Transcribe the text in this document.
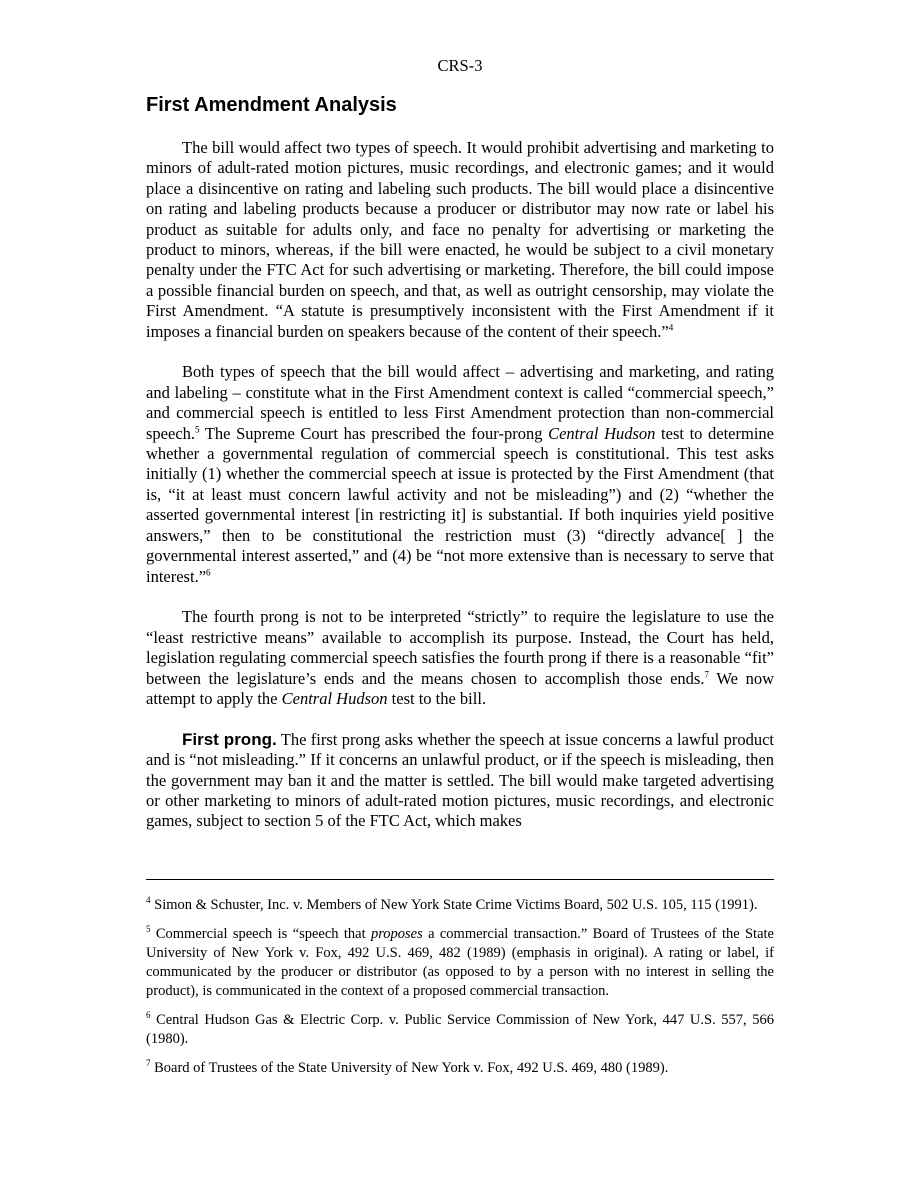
CRS-3
First Amendment Analysis

The bill would affect two types of speech. It would prohibit advertising and marketing to minors of adult-rated motion pictures, music recordings, and electronic games; and it would place a disincentive on rating and labeling such products. The bill would place a disincentive on rating and labeling products because a producer or distributor may now rate or label his product as suitable for adults only, and face no penalty for advertising or marketing the product to minors, whereas, if the bill were enacted, he would be subject to a civil monetary penalty under the FTC Act for such advertising or marketing. Therefore, the bill could impose a possible financial burden on speech, and that, as well as outright censorship, may violate the First Amendment. “A statute is presumptively inconsistent with the First Amendment if it imposes a financial burden on speakers because of the content of their speech.”$^4$

Both types of speech that the bill would affect – advertising and marketing, and rating and labeling – constitute what in the First Amendment context is called “commercial speech,” and commercial speech is entitled to less First Amendment protection than non-commercial speech.$^5$ The Supreme Court has prescribed the four-prong Central Hudson test to determine whether a governmental regulation of commercial speech is constitutional. This test asks initially (1) whether the commercial speech at issue is protected by the First Amendment (that is, “it at least must concern lawful activity and not be misleading”) and (2) “whether the asserted governmental interest [in restricting it] is substantial. If both inquiries yield positive answers,” then to be constitutional the restriction must (3) “directly advance[ ] the governmental interest asserted,” and (4) be “not more extensive than is necessary to serve that interest.”$^6$

The fourth prong is not to be interpreted “strictly” to require the legislature to use the “least restrictive means” available to accomplish its purpose. Instead, the Court has held, legislation regulating commercial speech satisfies the fourth prong if there is a reasonable “fit” between the legislature’s ends and the means chosen to accomplish those ends.$^7$ We now attempt to apply the Central Hudson test to the bill.

First prong. The first prong asks whether the speech at issue concerns a lawful product and is “not misleading.” If it concerns an unlawful product, or if the speech is misleading, then the government may ban it and the matter is settled. The bill would make targeted advertising or other marketing to minors of adult-rated motion pictures, music recordings, and electronic games, subject to section 5 of the FTC Act, which makes

$^4$ Simon & Schuster, Inc. v. Members of New York State Crime Victims Board, 502 U.S. 105, 115 (1991).

$^5$ Commercial speech is “speech that proposes a commercial transaction.” Board of Trustees of the State University of New York v. Fox, 492 U.S. 469, 482 (1989) (emphasis in original). A rating or label, if communicated by the producer or distributor (as opposed to by a person with no interest in selling the product), is communicated in the context of a proposed commercial transaction.

$^6$ Central Hudson Gas & Electric Corp. v. Public Service Commission of New York, 447 U.S. 557, 566 (1980).

$^7$ Board of Trustees of the State University of New York v. Fox, 492 U.S. 469, 480 (1989).
